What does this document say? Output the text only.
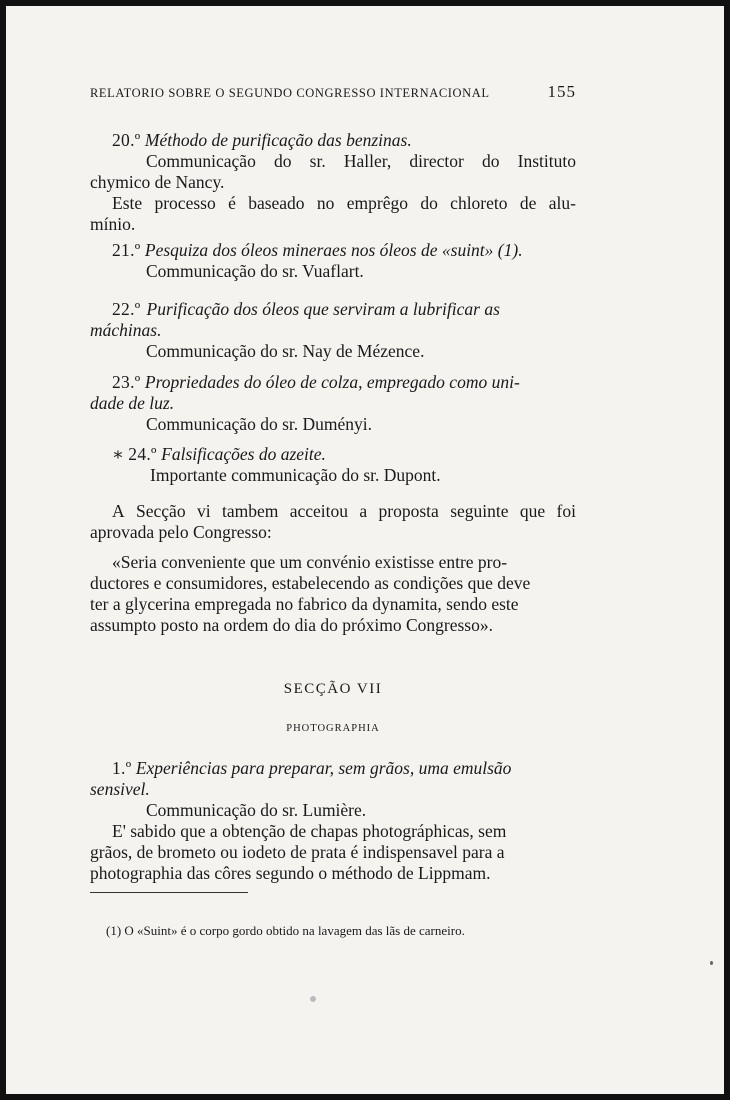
RELATORIO SOBRE O SEGUNDO CONGRESSO INTERNACIONAL	155
20.º Méthodo de purificação das benzinas.
Communicação do sr. Haller, director do Instituto
chymico de Nancy.
Este processo é baseado no emprêgo do chloreto de alu-
mínio.
21.º Pesquiza dos óleos mineraes nos óleos de «suint» (1).
Communicação do sr. Vuaflart.
22.º Purificação dos óleos que serviram a lubrificar as
máchinas.
Communicação do sr. Nay de Mézence.
23.º Propriedades do óleo de colza, empregado como uni-
dade de luz.
Communicação do sr. Duményi.
∗ 24.º Falsificações do azeite.
Importante communicação do sr. Dupont.
A Secção vi tambem acceitou a proposta seguinte que foi
aprovada pelo Congresso:
«Seria conveniente que um convénio existisse entre pro-
ductores e consumidores, estabelecendo as condições que deve
ter a glycerina empregada no fabrico da dynamita, sendo este
assumpto posto na ordem do dia do próximo Congresso».
SECÇÃO VII
PHOTOGRAPHIA
1.º Experiências para preparar, sem grãos, uma emulsão
sensivel.
Communicação do sr. Lumière.
E' sabido que a obtenção de chapas photográphicas, sem
grãos, de brometo ou iodeto de prata é indispensavel para a
photographia das côres segundo o méthodo de Lippmam.
(1) O «Suint» é o corpo gordo obtido na lavagem das lãs de carneiro.
